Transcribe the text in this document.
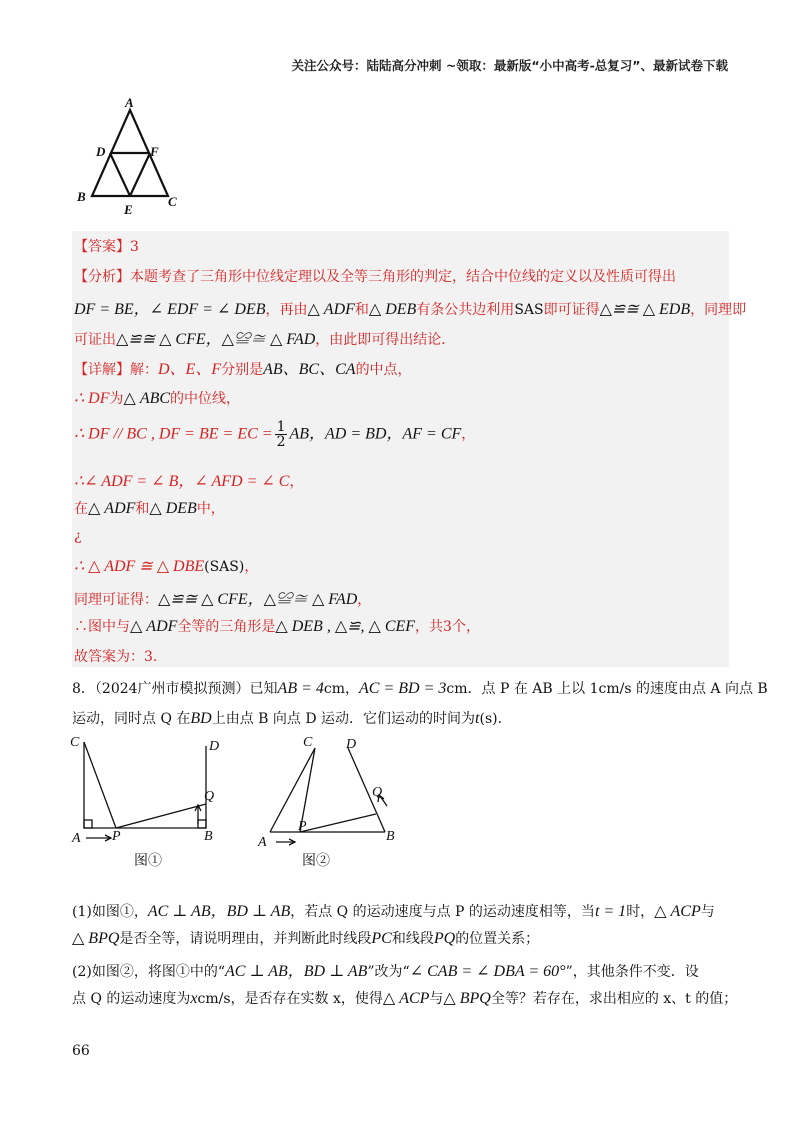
关注公众号：陆陆高分冲刺 ~领取：最新版“小中高考-总复习”、最新试卷下载
A
D	F
B
E
C
【答案】3
【分析】本题考查了三角形中位线定理以及全等三角形的判定，结合中位线的定义以及性质可得出
DF = BE，∠ EDF = ∠ DEB，再由△ ADF和△ DEB有条公共边利用SAS即可证得△≌≅ △ EDB，同理即
可证出△≌≅ △ CFE，△≌≅ △ FAD，由此即可得出结论．
【详解】解：D、E、F分别是AB、BC、CA的中点，
∴ DF为△ ABC的中位线，
∴ DF // BC , DF = BE = EC = $\frac{1}{2}$ AB，AD = BD，AF = CF，
∴∠ ADF = ∠ B，∠ AFD = ∠ C，
在△ ADF和△ DEB中，
¿
∴ △ ADF ≅ △ DBE(SAS)，
同理可证得：△≌≅ △ CFE，△≌≅ △ FAD，
∴图中与△ ADF全等的三角形是△ DEB , △≌, △ CEF，共3个，
故答案为：3.
8．（2024广州市模拟预测）已知AB = 4cm，AC = BD = 3cm．点 P 在 AB 上以 1cm/s 的速度由点 A 向点 B
运动，同时点 Q 在BD上由点 B 向点 D 运动．它们运动的时间为t(s)．
C	D
Q
A P	B
C D
Q
A
P
B
图①	图②
(1)如图①，AC ⊥ AB，BD ⊥ AB，若点 Q 的运动速度与点 P 的运动速度相等，当t = 1时，△ ACP与
△ BPQ是否全等，请说明理由，并判断此时线段PC和线段PQ的位置关系；
(2)如图②，将图①中的“AC ⊥ AB，BD ⊥ AB”改为“∠ CAB = ∠ DBA = 60°”，其他条件不变．设
点 Q 的运动速度为xcm/s，是否存在实数 x，使得△ ACP与△ BPQ全等？若存在，求出相应的 x、t 的值；
66
